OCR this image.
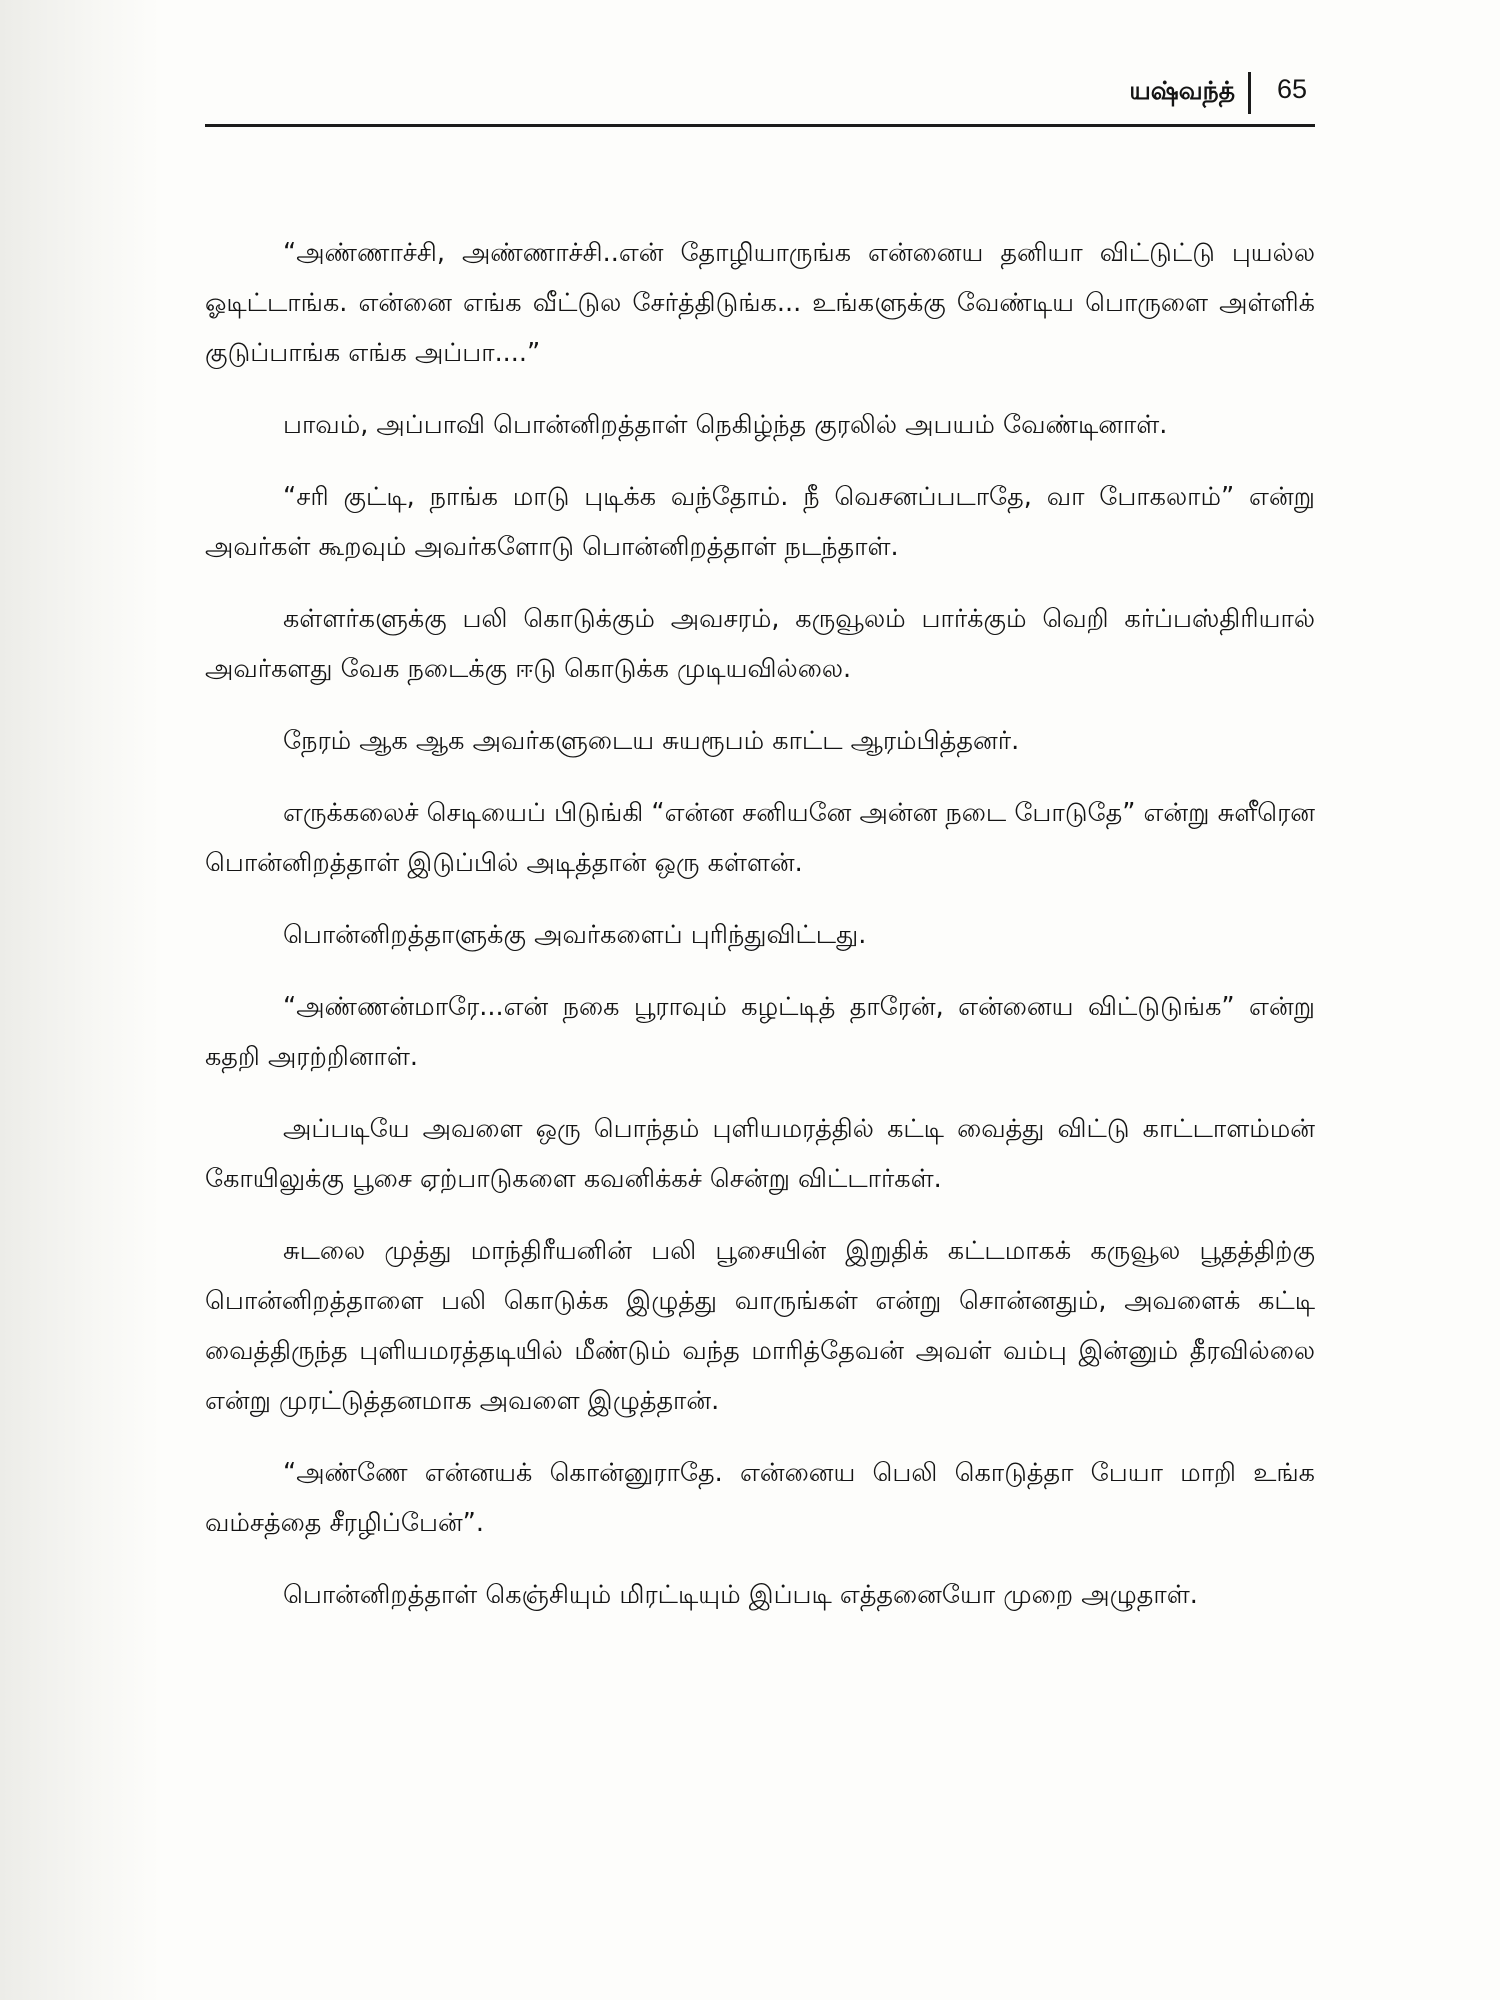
யஷ்வந்த் 65

“அண்ணாச்சி, அண்ணாச்சி..என் தோழியாருங்க என்னைய தனியா விட்டுட்டு புயல்ல ஓடிட்டாங்க. என்னை எங்க வீட்டுல சேர்த்திடுங்க... உங்களுக்கு வேண்டிய பொருளை அள்ளிக் குடுப்பாங்க எங்க அப்பா....”

பாவம், அப்பாவி பொன்னிறத்தாள் நெகிழ்ந்த குரலில் அபயம் வேண்டினாள்.

“சரி குட்டி, நாங்க மாடு புடிக்க வந்தோம். நீ வெசனப்படாதே, வா போகலாம்” என்று அவர்கள் கூறவும் அவர்களோடு பொன்னிறத்தாள் நடந்தாள்.

கள்ளர்களுக்கு பலி கொடுக்கும் அவசரம், கருவூலம் பார்க்கும் வெறி கர்ப்பஸ்திரியால் அவர்களது வேக நடைக்கு ஈடு கொடுக்க முடியவில்லை.

நேரம் ஆக ஆக அவர்களுடைய சுயரூபம் காட்ட ஆரம்பித்தனர்.

எருக்கலைச் செடியைப் பிடுங்கி “என்ன சனியனே அன்ன நடை போடுதே” என்று சுளீரென பொன்னிறத்தாள் இடுப்பில் அடித்தான் ஒரு கள்ளன்.

பொன்னிறத்தாளுக்கு அவர்களைப் புரிந்துவிட்டது.

“அண்ணன்மாரே...என் நகை பூராவும் கழட்டித் தாரேன், என்னைய விட்டுடுங்க” என்று கதறி அரற்றினாள்.

அப்படியே அவளை ஒரு பொந்தம் புளியமரத்தில் கட்டி வைத்து விட்டு காட்டாளம்மன் கோயிலுக்கு பூசை ஏற்பாடுகளை கவனிக்கச் சென்று விட்டார்கள்.

சுடலை முத்து மாந்திரீயனின் பலி பூசையின் இறுதிக் கட்டமாகக் கருவூல பூதத்திற்கு பொன்னிறத்தாளை பலி கொடுக்க இழுத்து வாருங்கள் என்று சொன்னதும், அவளைக் கட்டி வைத்திருந்த புளியமரத்தடியில் மீண்டும் வந்த மாரித்தேவன் அவள் வம்பு இன்னும் தீரவில்லை என்று முரட்டுத்தனமாக அவளை இழுத்தான்.

“அண்ணே என்னயக் கொன்னுராதே. என்னைய பெலி கொடுத்தா பேயா மாறி உங்க வம்சத்தை சீரழிப்பேன்”.

பொன்னிறத்தாள் கெஞ்சியும் மிரட்டியும் இப்படி எத்தனையோ முறை அழுதாள்.
